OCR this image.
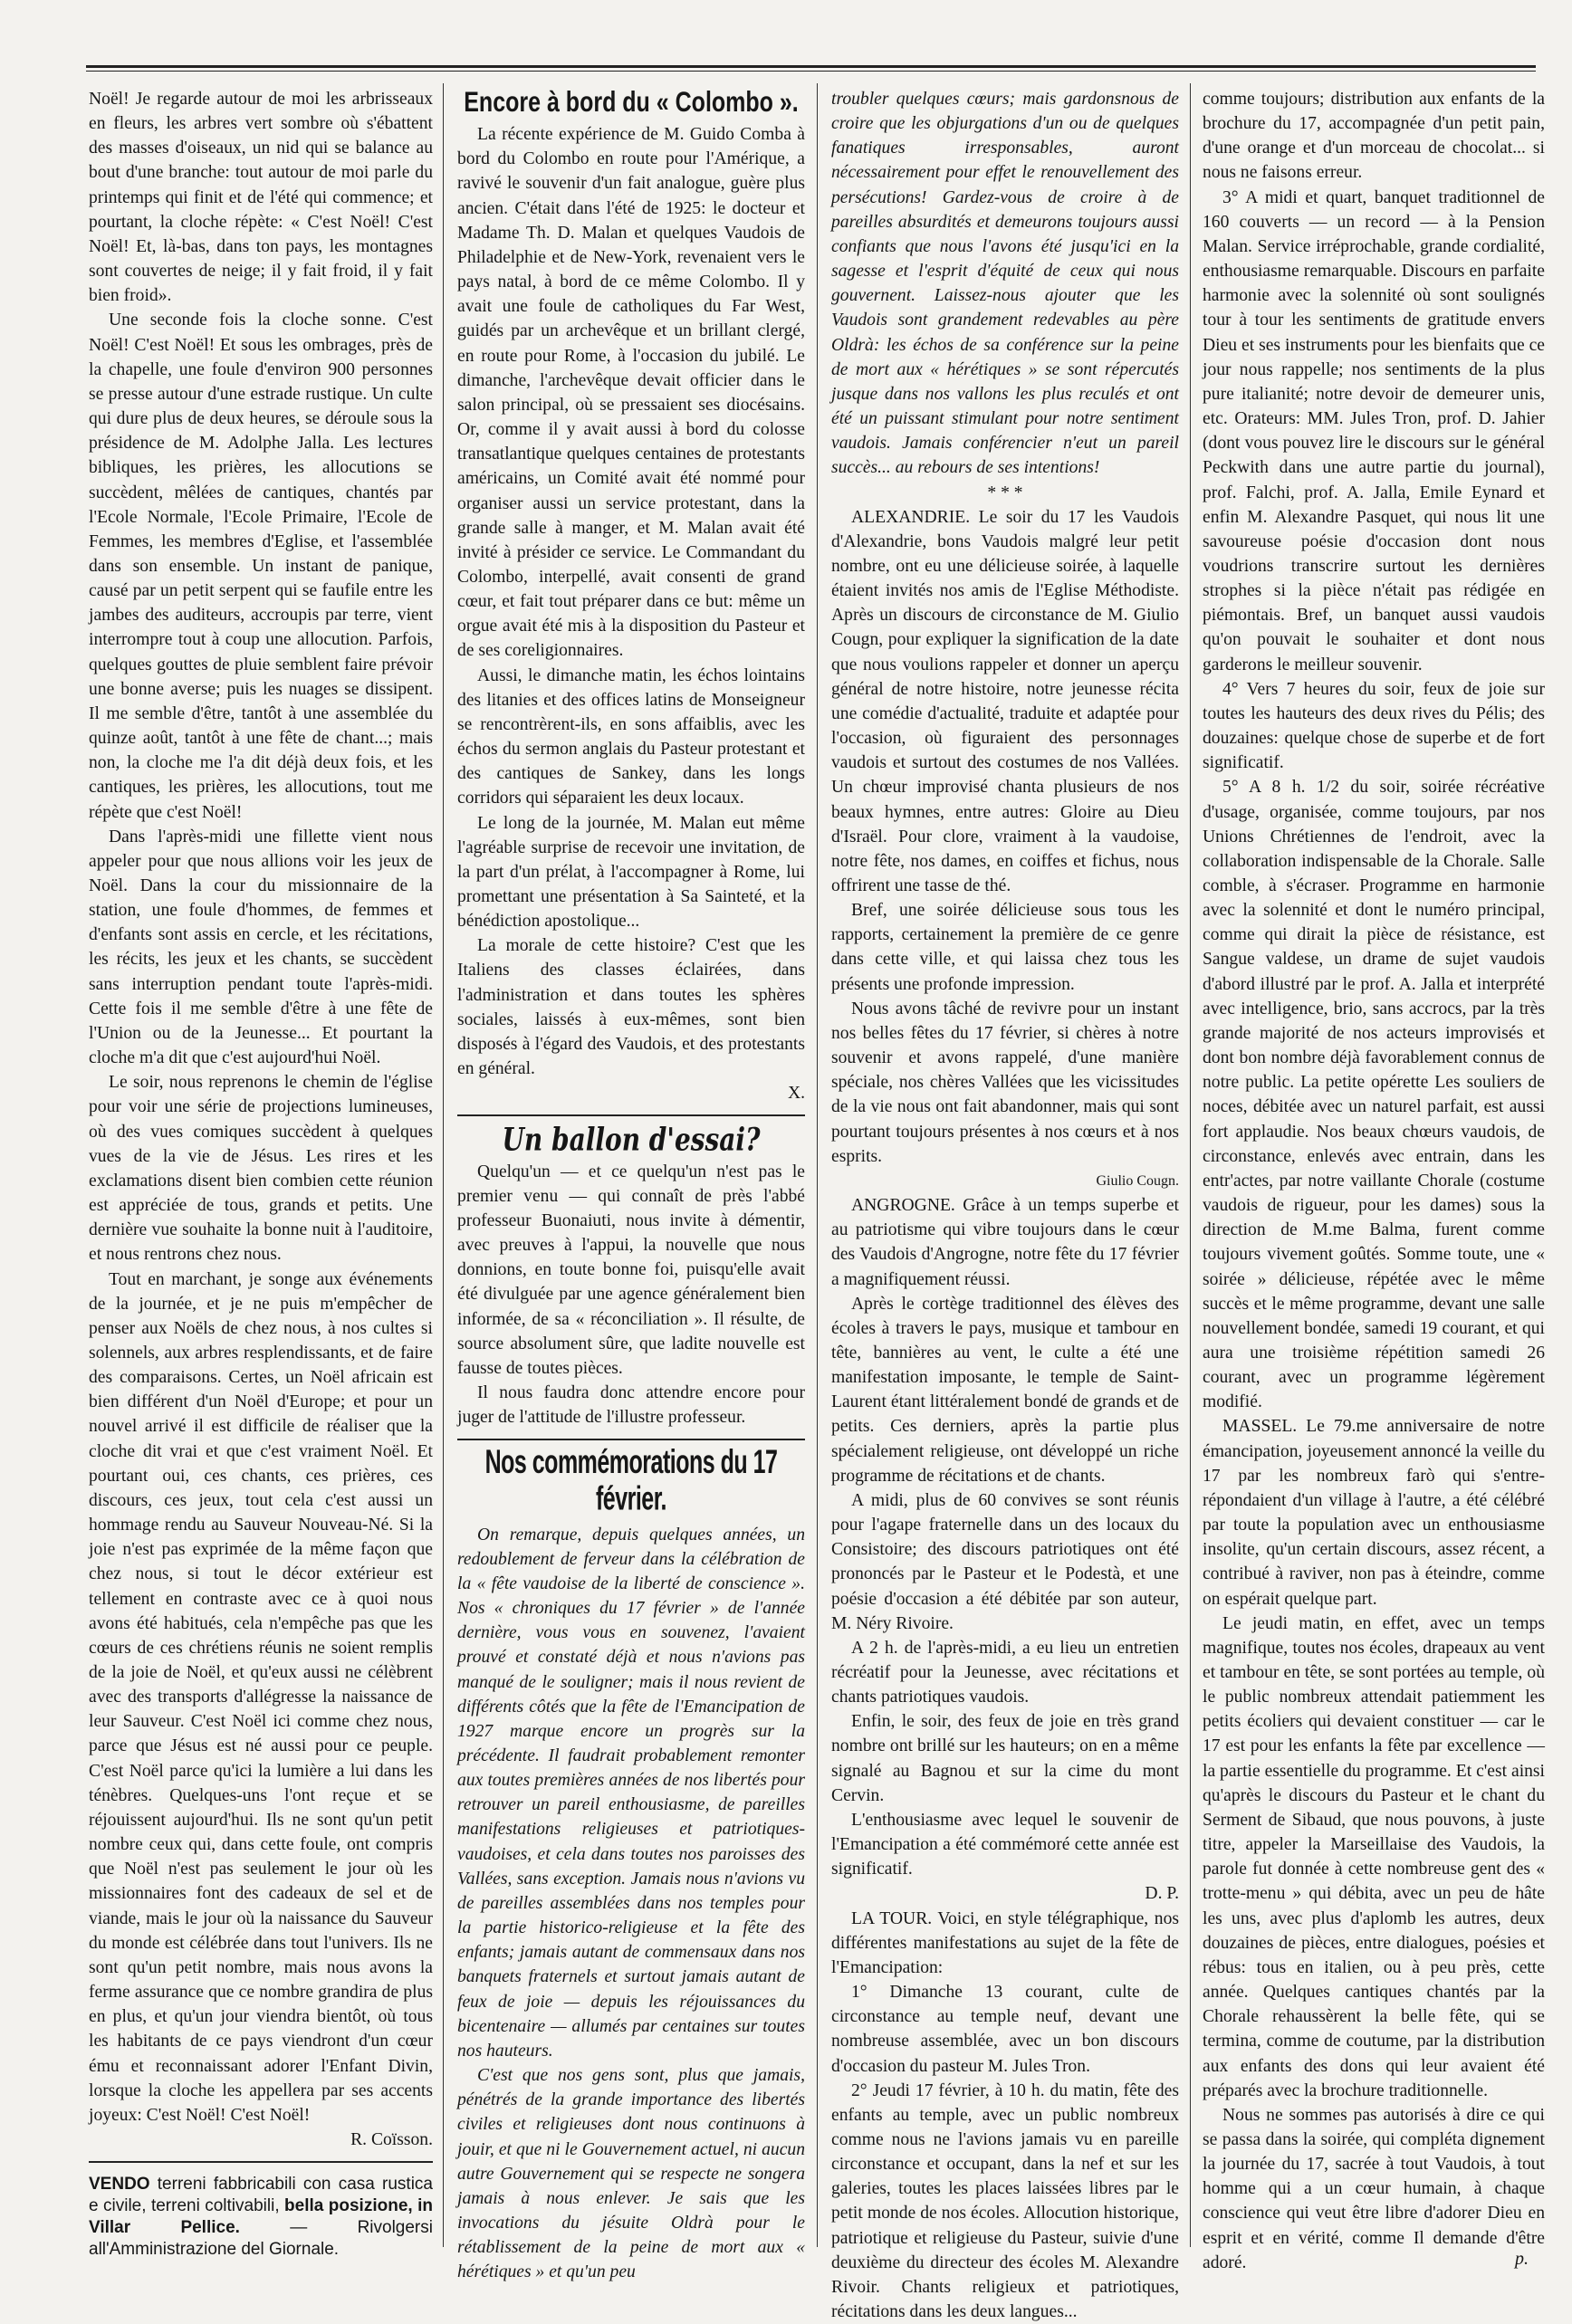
Noël! Je regarde autour de moi les arbrisseaux en fleurs, les arbres vert sombre où s'ébattent des masses d'oiseaux, un nid qui se balance au bout d'une branche: tout autour de moi parle du printemps qui finit et de l'été qui commence; et pourtant, la cloche répète: « C'est Noël! C'est Noël! Et, là-bas, dans ton pays, les montagnes sont couvertes de neige; il y fait froid, il y fait bien froid».

Une seconde fois la cloche sonne. C'est Noël! C'est Noël! Et sous les ombrages, près de la chapelle, une foule d'environ 900 personnes se presse autour d'une estrade rustique. Un culte qui dure plus de deux heures, se déroule sous la présidence de M. Adolphe Jalla. Les lectures bibliques, les prières, les allocutions se succèdent, mêlées de cantiques, chantés par l'Ecole Normale, l'Ecole Primaire, l'Ecole de Femmes, les membres d'Eglise, et l'assemblée dans son ensemble. Un instant de panique, causé par un petit serpent qui se faufile entre les jambes des auditeurs, accroupis par terre, vient interrompre tout à coup une allocution. Parfois, quelques gouttes de pluie semblent faire prévoir une bonne averse; puis les nuages se dissipent. Il me semble d'être, tantôt à une assemblée du quinze août, tantôt à une fête de chant...; mais non, la cloche me l'a dit déjà deux fois, et les cantiques, les prières, les allocutions, tout me répète que c'est Noël!

Dans l'après-midi une fillette vient nous appeler pour que nous allions voir les jeux de Noël. Dans la cour du missionnaire de la station, une foule d'hommes, de femmes et d'enfants sont assis en cercle, et les récitations, les récits, les jeux et les chants, se succèdent sans interruption pendant toute l'après-midi. Cette fois il me semble d'être à une fête de l'Union ou de la Jeunesse... Et pourtant la cloche m'a dit que c'est aujourd'hui Noël.

Le soir, nous reprenons le chemin de l'église pour voir une série de projections lumineuses, où des vues comiques succèdent à quelques vues de la vie de Jésus. Les rires et les exclamations disent bien combien cette réunion est appréciée de tous, grands et petits. Une dernière vue souhaite la bonne nuit à l'auditoire, et nous rentrons chez nous.

Tout en marchant, je songe aux événements de la journée, et je ne puis m'empêcher de penser aux Noëls de chez nous, à nos cultes si solennels, aux arbres resplendissants, et de faire des comparaisons. Certes, un Noël africain est bien différent d'un Noël d'Europe; et pour un nouvel arrivé il est difficile de réaliser que la cloche dit vrai et que c'est vraiment Noël. Et pourtant oui, ces chants, ces prières, ces discours, ces jeux, tout cela c'est aussi un hommage rendu au Sauveur Nouveau-Né. Si la joie n'est pas exprimée de la même façon que chez nous, si tout le décor extérieur est tellement en contraste avec ce à quoi nous avons été habitués, cela n'empêche pas que les cœurs de ces chrétiens réunis ne soient remplis de la joie de Noël, et qu'eux aussi ne célèbrent avec des transports d'allégresse la naissance de leur Sauveur. C'est Noël ici comme chez nous, parce que Jésus est né aussi pour ce peuple. C'est Noël parce qu'ici la lumière a lui dans les ténèbres. Quelques-uns l'ont reçue et se réjouissent aujourd'hui. Ils ne sont qu'un petit nombre ceux qui, dans cette foule, ont compris que Noël n'est pas seulement le jour où les missionnaires font des cadeaux de sel et de viande, mais le jour où la naissance du Sauveur du monde est célébrée dans tout l'univers. Ils ne sont qu'un petit nombre, mais nous avons la ferme assurance que ce nombre grandira de plus en plus, et qu'un jour viendra bientôt, où tous les habitants de ce pays viendront d'un cœur ému et reconnaissant adorer l'Enfant Divin, lorsque la cloche les appellera par ses accents joyeux: C'est Noël! C'est Noël!

R. Coïsson.

VENDO terreni fabbricabili con casa rustica e civile, terreni coltivabili, bella posizione, in Villar Pellice. — Rivolgersi all'Amministrazione del Giornale.

Encore à bord du « Colombo ».

La récente expérience de M. Guido Comba à bord du Colombo en route pour l'Amérique, a ravivé le souvenir d'un fait analogue, guère plus ancien. C'était dans l'été de 1925: le docteur et Madame Th. D. Malan et quelques Vaudois de Philadelphie et de New-York, revenaient vers le pays natal, à bord de ce même Colombo. Il y avait une foule de catholiques du Far West, guidés par un archevêque et un brillant clergé, en route pour Rome, à l'occasion du jubilé. Le dimanche, l'archevêque devait officier dans le salon principal, où se pressaient ses diocésains. Or, comme il y avait aussi à bord du colosse transatlantique quelques centaines de protestants américains, un Comité avait été nommé pour organiser aussi un service protestant, dans la grande salle à manger, et M. Malan avait été invité à présider ce service. Le Commandant du Colombo, interpellé, avait consenti de grand cœur, et fait tout préparer dans ce but: même un orgue avait été mis à la disposition du Pasteur et de ses coreligionnaires.

Aussi, le dimanche matin, les échos lointains des litanies et des offices latins de Monseigneur se rencontrèrent-ils, en sons affaiblis, avec les échos du sermon anglais du Pasteur protestant et des cantiques de Sankey, dans les longs corridors qui séparaient les deux locaux.

Le long de la journée, M. Malan eut même l'agréable surprise de recevoir une invitation, de la part d'un prélat, à l'accompagner à Rome, lui promettant une présentation à Sa Sainteté, et la bénédiction apostolique...

La morale de cette histoire? C'est que les Italiens des classes éclairées, dans l'administration et dans toutes les sphères sociales, laissés à eux-mêmes, sont bien disposés à l'égard des Vaudois, et des protestants en général.

X.

Un ballon d'essai?

Quelqu'un — et ce quelqu'un n'est pas le premier venu — qui connaît de près l'abbé professeur Buonaiuti, nous invite à démentir, avec preuves à l'appui, la nouvelle que nous donnions, en toute bonne foi, puisqu'elle avait été divulguée par une agence généralement bien informée, de sa « réconciliation ». Il résulte, de source absolument sûre, que ladite nouvelle est fausse de toutes pièces.

Il nous faudra donc attendre encore pour juger de l'attitude de l'illustre professeur.

Nos commémorations du 17 février.

On remarque, depuis quelques années, un redoublement de ferveur dans la célébration de la « fête vaudoise de la liberté de conscience ». Nos « chroniques du 17 février » de l'année dernière, vous vous en souvenez, l'avaient prouvé et constaté déjà et nous n'avions pas manqué de le souligner; mais il nous revient de différents côtés que la fête de l'Emancipation de 1927 marque encore un progrès sur la précédente. Il faudrait probablement remonter aux toutes premières années de nos libertés pour retrouver un pareil enthousiasme, de pareilles manifestations religieuses et patriotiques-vaudoises, et cela dans toutes nos paroisses des Vallées, sans exception. Jamais nous n'avions vu de pareilles assemblées dans nos temples pour la partie historico-religieuse et la fête des enfants; jamais autant de commensaux dans nos banquets fraternels et surtout jamais autant de feux de joie — depuis les réjouissances du bicentenaire — allumés par centaines sur toutes nos hauteurs.

C'est que nos gens sont, plus que jamais, pénétrés de la grande importance des libertés civiles et religieuses dont nous continuons à jouir, et que ni le Gouvernement actuel, ni aucun autre Gouvernement qui se respecte ne songera jamais à nous enlever. Je sais que les invocations du jésuite Oldrà pour le rétablissement de la peine de mort aux « hérétiques » et qu'un peu

troubler quelques cœurs; mais gardonsnous de croire que les objurgations d'un ou de quelques fanatiques irresponsables, auront nécessairement pour effet le renouvellement des persécutions! Gardez-vous de croire à de pareilles absurdités et demeurons toujours aussi confiants que nous l'avons été jusqu'ici en la sagesse et l'esprit d'équité de ceux qui nous gouvernent. Laissez-nous ajouter que les Vaudois sont grandement redevables au père Oldrà: les échos de sa conférence sur la peine de mort aux « hérétiques » se sont répercutés jusque dans nos vallons les plus reculés et ont été un puissant stimulant pour notre sentiment vaudois. Jamais conférencier n'eut un pareil succès... au rebours de ses intentions!

* * *

ALEXANDRIE. Le soir du 17 les Vaudois d'Alexandrie, bons Vaudois malgré leur petit nombre, ont eu une délicieuse soirée, à laquelle étaient invités nos amis de l'Eglise Méthodiste. Après un discours de circonstance de M. Giulio Cougn, pour expliquer la signification de la date que nous voulions rappeler et donner un aperçu général de notre histoire, notre jeunesse récita une comédie d'actualité, traduite et adaptée pour l'occasion, où figuraient des personnages vaudois et surtout des costumes de nos Vallées. Un chœur improvisé chanta plusieurs de nos beaux hymnes, entre autres: Gloire au Dieu d'Israël. Pour clore, vraiment à la vaudoise, notre fête, nos dames, en coiffes et fichus, nous offrirent une tasse de thé.

Bref, une soirée délicieuse sous tous les rapports, certainement la première de ce genre dans cette ville, et qui laissa chez tous les présents une profonde impression.

Nous avons tâché de revivre pour un instant nos belles fêtes du 17 février, si chères à notre souvenir et avons rappelé, d'une manière spéciale, nos chères Vallées que les vicissitudes de la vie nous ont fait abandonner, mais qui sont pourtant toujours présentes à nos cœurs et à nos esprits.

Giulio Cougn.

ANGROGNE. Grâce à un temps superbe et au patriotisme qui vibre toujours dans le cœur des Vaudois d'Angrogne, notre fête du 17 février a magnifiquement réussi.

Après le cortège traditionnel des élèves des écoles à travers le pays, musique et tambour en tête, bannières au vent, le culte a été une manifestation imposante, le temple de Saint-Laurent étant littéralement bondé de grands et de petits. Ces derniers, après la partie plus spécialement religieuse, ont développé un riche programme de récitations et de chants.

A midi, plus de 60 convives se sont réunis pour l'agape fraternelle dans un des locaux du Consistoire; des discours patriotiques ont été prononcés par le Pasteur et le Podestà, et une poésie d'occasion a été débitée par son auteur, M. Néry Rivoire.

A 2 h. de l'après-midi, a eu lieu un entretien récréatif pour la Jeunesse, avec récitations et chants patriotiques vaudois.

Enfin, le soir, des feux de joie en très grand nombre ont brillé sur les hauteurs; on en a même signalé au Bagnou et sur la cime du mont Cervin.

L'enthousiasme avec lequel le souvenir de l'Emancipation a été commémoré cette année est significatif.

D. P.

LA TOUR. Voici, en style télégraphique, nos différentes manifestations au sujet de la fête de l'Emancipation:

1° Dimanche 13 courant, culte de circonstance au temple neuf, devant une nombreuse assemblée, avec un bon discours d'occasion du pasteur M. Jules Tron.

2° Jeudi 17 février, à 10 h. du matin, fête des enfants au temple, avec un public nombreux comme nous ne l'avions jamais vu en pareille circonstance et occupant, dans la nef et sur les galeries, toutes les places laissées libres par le petit monde de nos écoles. Allocution historique, patriotique et religieuse du Pasteur, suivie d'une deuxième du directeur des écoles M. Alexandre Rivoir. Chants religieux et patriotiques, récitations dans les deux langues...

comme toujours; distribution aux enfants de la brochure du 17, accompagnée d'un petit pain, d'une orange et d'un morceau de chocolat... si nous ne faisons erreur.

3° A midi et quart, banquet traditionnel de 160 couverts — un record — à la Pension Malan. Service irréprochable, grande cordialité, enthousiasme remarquable. Discours en parfaite harmonie avec la solennité où sont soulignés tour à tour les sentiments de gratitude envers Dieu et ses instruments pour les bienfaits que ce jour nous rappelle; nos sentiments de la plus pure italianité; notre devoir de demeurer unis, etc. Orateurs: MM. Jules Tron, prof. D. Jahier (dont vous pouvez lire le discours sur le général Peckwith dans une autre partie du journal), prof. Falchi, prof. A. Jalla, Emile Eynard et enfin M. Alexandre Pasquet, qui nous lit une savoureuse poésie d'occasion dont nous voudrions transcrire surtout les dernières strophes si la pièce n'était pas rédigée en piémontais. Bref, un banquet aussi vaudois qu'on pouvait le souhaiter et dont nous garderons le meilleur souvenir.

4° Vers 7 heures du soir, feux de joie sur toutes les hauteurs des deux rives du Pélis; des douzaines: quelque chose de superbe et de fort significatif.

5° A 8 h. 1/2 du soir, soirée récréative d'usage, organisée, comme toujours, par nos Unions Chrétiennes de l'endroit, avec la collaboration indispensable de la Chorale. Salle comble, à s'écraser. Programme en harmonie avec la solennité et dont le numéro principal, comme qui dirait la pièce de résistance, est Sangue valdese, un drame de sujet vaudois d'abord illustré par le prof. A. Jalla et interprété avec intelligence, brio, sans accrocs, par la très grande majorité de nos acteurs improvisés et dont bon nombre déjà favorablement connus de notre public. La petite opérette Les souliers de noces, débitée avec un naturel parfait, est aussi fort applaudie. Nos beaux chœurs vaudois, de circonstance, enlevés avec entrain, dans les entr'actes, par notre vaillante Chorale (costume vaudois de rigueur, pour les dames) sous la direction de M.me Balma, furent comme toujours vivement goûtés. Somme toute, une « soirée » délicieuse, répétée avec le même succès et le même programme, devant une salle nouvellement bondée, samedi 19 courant, et qui aura une troisième répétition samedi 26 courant, avec un programme légèrement modifié.

MASSEL. Le 79.me anniversaire de notre émancipation, joyeusement annoncé la veille du 17 par les nombreux farò qui s'entre-répondaient d'un village à l'autre, a été célébré par toute la population avec un enthousiasme insolite, qu'un certain discours, assez récent, a contribué à raviver, non pas à éteindre, comme on espérait quelque part.

Le jeudi matin, en effet, avec un temps magnifique, toutes nos écoles, drapeaux au vent et tambour en tête, se sont portées au temple, où le public nombreux attendait patiemment les petits écoliers qui devaient constituer — car le 17 est pour les enfants la fête par excellence — la partie essentielle du programme. Et c'est ainsi qu'après le discours du Pasteur et le chant du Serment de Sibaud, que nous pouvons, à juste titre, appeler la Marseillaise des Vaudois, la parole fut donnée à cette nombreuse gent des « trotte-menu » qui débita, avec un peu de hâte les uns, avec plus d'aplomb les autres, deux douzaines de pièces, entre dialogues, poésies et rébus: tous en italien, ou à peu près, cette année. Quelques cantiques chantés par la Chorale rehaussèrent la belle fête, qui se termina, comme de coutume, par la distribution aux enfants des dons qui leur avaient été préparés avec la brochure traditionnelle.

Nous ne sommes pas autorisés à dire ce qui se passa dans la soirée, qui compléta dignement la journée du 17, sacrée à tout Vaudois, à tout homme qui a un cœur humain, à chaque conscience qui veut être libre d'adorer Dieu en esprit et en vérité, comme Il demande d'être adoré.	p.
